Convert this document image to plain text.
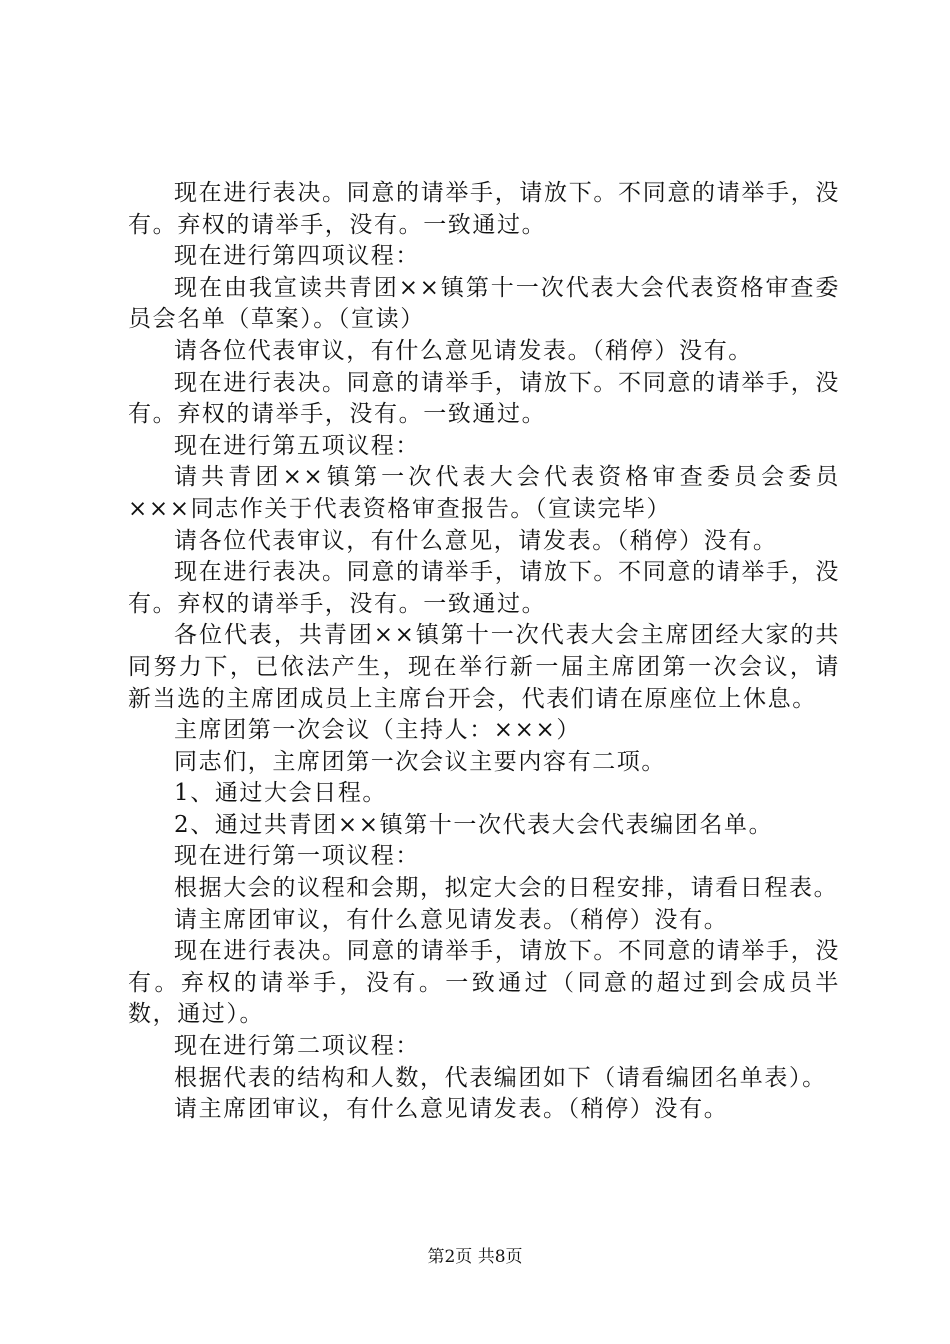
现在进行表决。同意的请举手，请放下。不同意的请举手，没有。弃权的请举手，没有。一致通过。

现在进行第四项议程：

现在由我宣读共青团××镇第十一次代表大会代表资格审查委员会名单（草案）。（宣读）

请各位代表审议，有什么意见请发表。（稍停）没有。

现在进行表决。同意的请举手，请放下。不同意的请举手，没有。弃权的请举手，没有。一致通过。

现在进行第五项议程：

请共青团××镇第一次代表大会代表资格审查委员会委员×××同志作关于代表资格审查报告。（宣读完毕）

请各位代表审议，有什么意见，请发表。（稍停）没有。

现在进行表决。同意的请举手，请放下。不同意的请举手，没有。弃权的请举手，没有。一致通过。

各位代表，共青团××镇第十一次代表大会主席团经大家的共同努力下，已依法产生，现在举行新一届主席团第一次会议，请新当选的主席团成员上主席台开会，代表们请在原座位上休息。

主席团第一次会议（主持人：×××）

同志们，主席团第一次会议主要内容有二项。

1、通过大会日程。

2、通过共青团××镇第十一次代表大会代表编团名单。

现在进行第一项议程：

根据大会的议程和会期，拟定大会的日程安排，请看日程表。

请主席团审议，有什么意见请发表。（稍停）没有。

现在进行表决。同意的请举手，请放下。不同意的请举手，没有。弃权的请举手，没有。一致通过（同意的超过到会成员半数，通过）。

现在进行第二项议程：

根据代表的结构和人数，代表编团如下（请看编团名单表）。

请主席团审议，有什么意见请发表。（稍停）没有。

第2页 共8页
